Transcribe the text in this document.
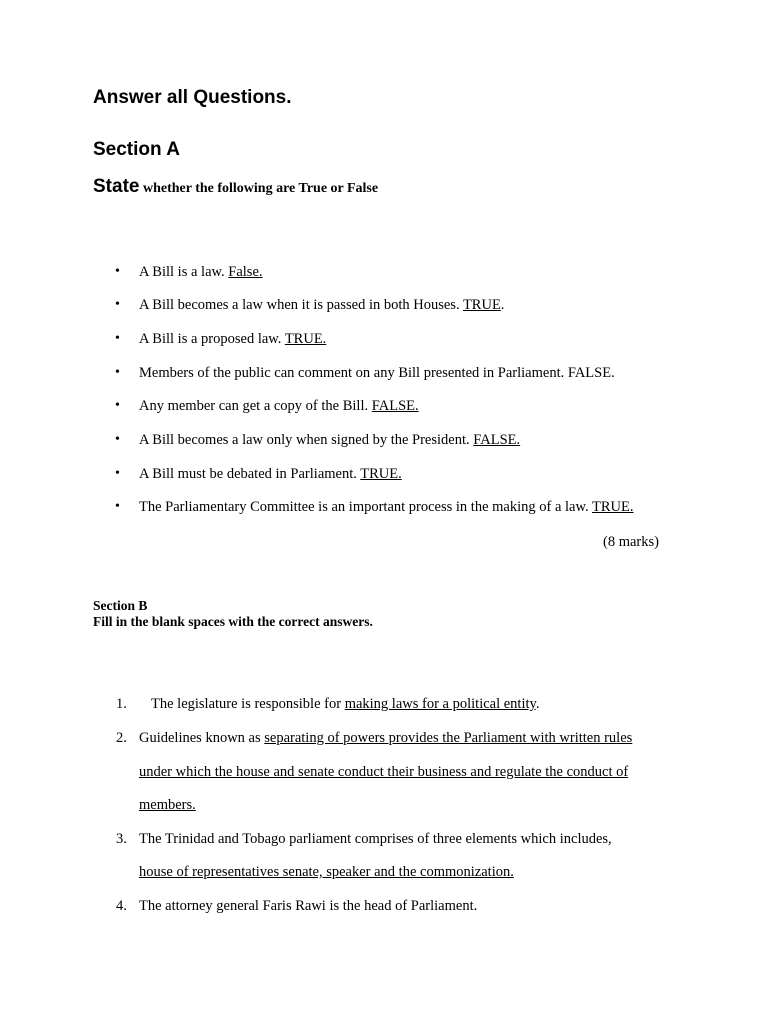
Answer all Questions.
Section A
State whether the following are True or False
•	A Bill is a law. False.
•	A Bill becomes a law when it is passed in both Houses. TRUE.
•	A Bill is a proposed law. TRUE.
•	Members of the public can comment on any Bill presented in Parliament. FALSE.
•	Any member can get a copy of the Bill. FALSE.
•	A Bill becomes a law only when signed by the President. FALSE.
•	A Bill must be debated in Parliament. TRUE.
•	The Parliamentary Committee is an important process in the making of a law. TRUE.
(8 marks)
Section B
Fill in the blank spaces with the correct answers.
1. The legislature is responsible for making laws for a political entity.
2. Guidelines known as separating of powers provides the Parliament with written rules
under which the house and senate conduct their business and regulate the conduct of
members.
3. The Trinidad and Tobago parliament comprises of three elements which includes,
house of representatives senate, speaker and the commonization.
4. The attorney general Faris Rawi is the head of Parliament.
